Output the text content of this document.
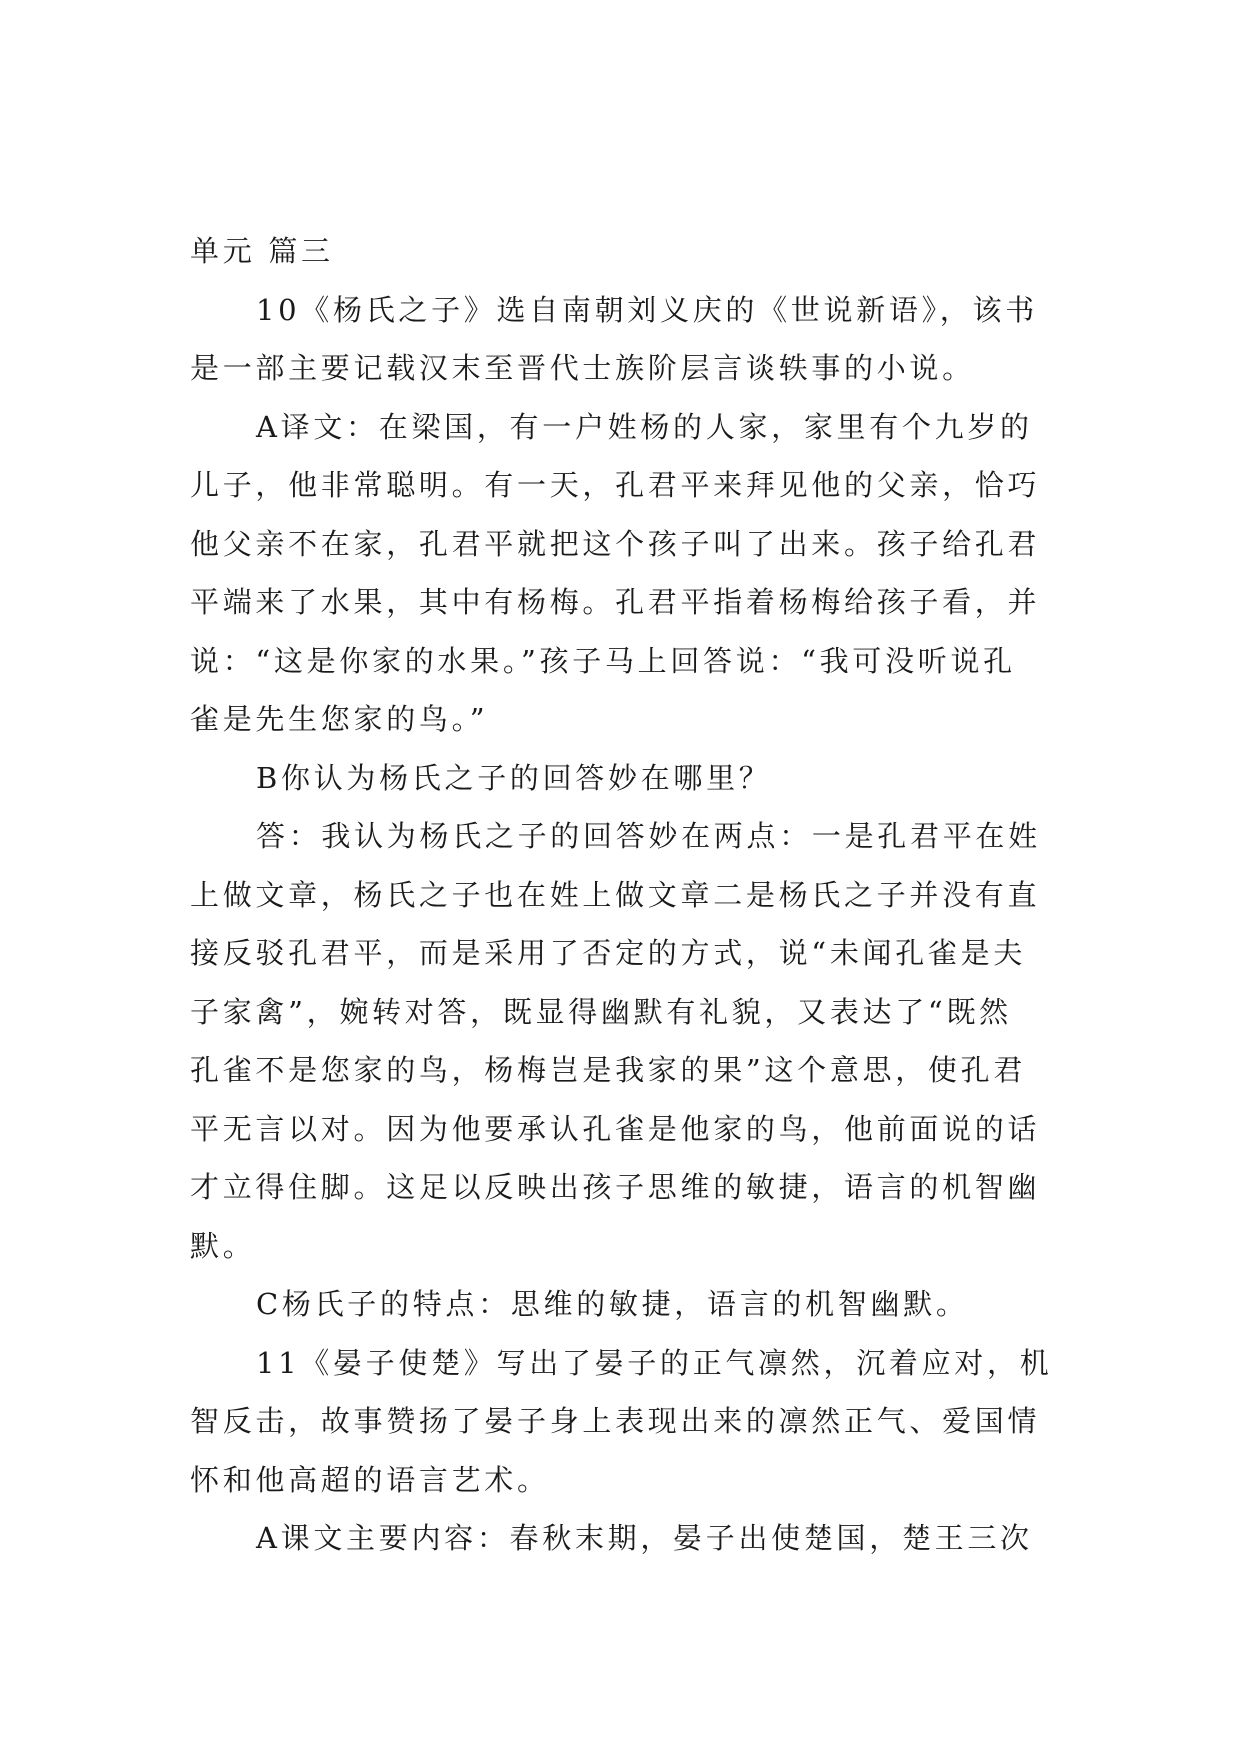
单元 篇三
10《杨氏之子》选自南朝刘义庆的《世说新语》，该书
是一部主要记载汉末至晋代士族阶层言谈轶事的小说。
A译文：在梁国，有一户姓杨的人家，家里有个九岁的
儿子，他非常聪明。有一天，孔君平来拜见他的父亲，恰巧
他父亲不在家，孔君平就把这个孩子叫了出来。孩子给孔君
平端来了水果，其中有杨梅。孔君平指着杨梅给孩子看，并
说：“这是你家的水果。”孩子马上回答说：“我可没听说孔
雀是先生您家的鸟。”
B你认为杨氏之子的回答妙在哪里？
答：我认为杨氏之子的回答妙在两点：一是孔君平在姓
上做文章，杨氏之子也在姓上做文章二是杨氏之子并没有直
接反驳孔君平，而是采用了否定的方式，说“未闻孔雀是夫
子家禽”，婉转对答，既显得幽默有礼貌，又表达了“既然
孔雀不是您家的鸟，杨梅岂是我家的果”这个意思，使孔君
平无言以对。因为他要承认孔雀是他家的鸟，他前面说的话
才立得住脚。这足以反映出孩子思维的敏捷，语言的机智幽
默。
C杨氏子的特点：思维的敏捷，语言的机智幽默。
11《晏子使楚》写出了晏子的正气凛然，沉着应对，机
智反击，故事赞扬了晏子身上表现出来的凛然正气、爱国情
怀和他高超的语言艺术。
A课文主要内容：春秋末期，晏子出使楚国，楚王三次
